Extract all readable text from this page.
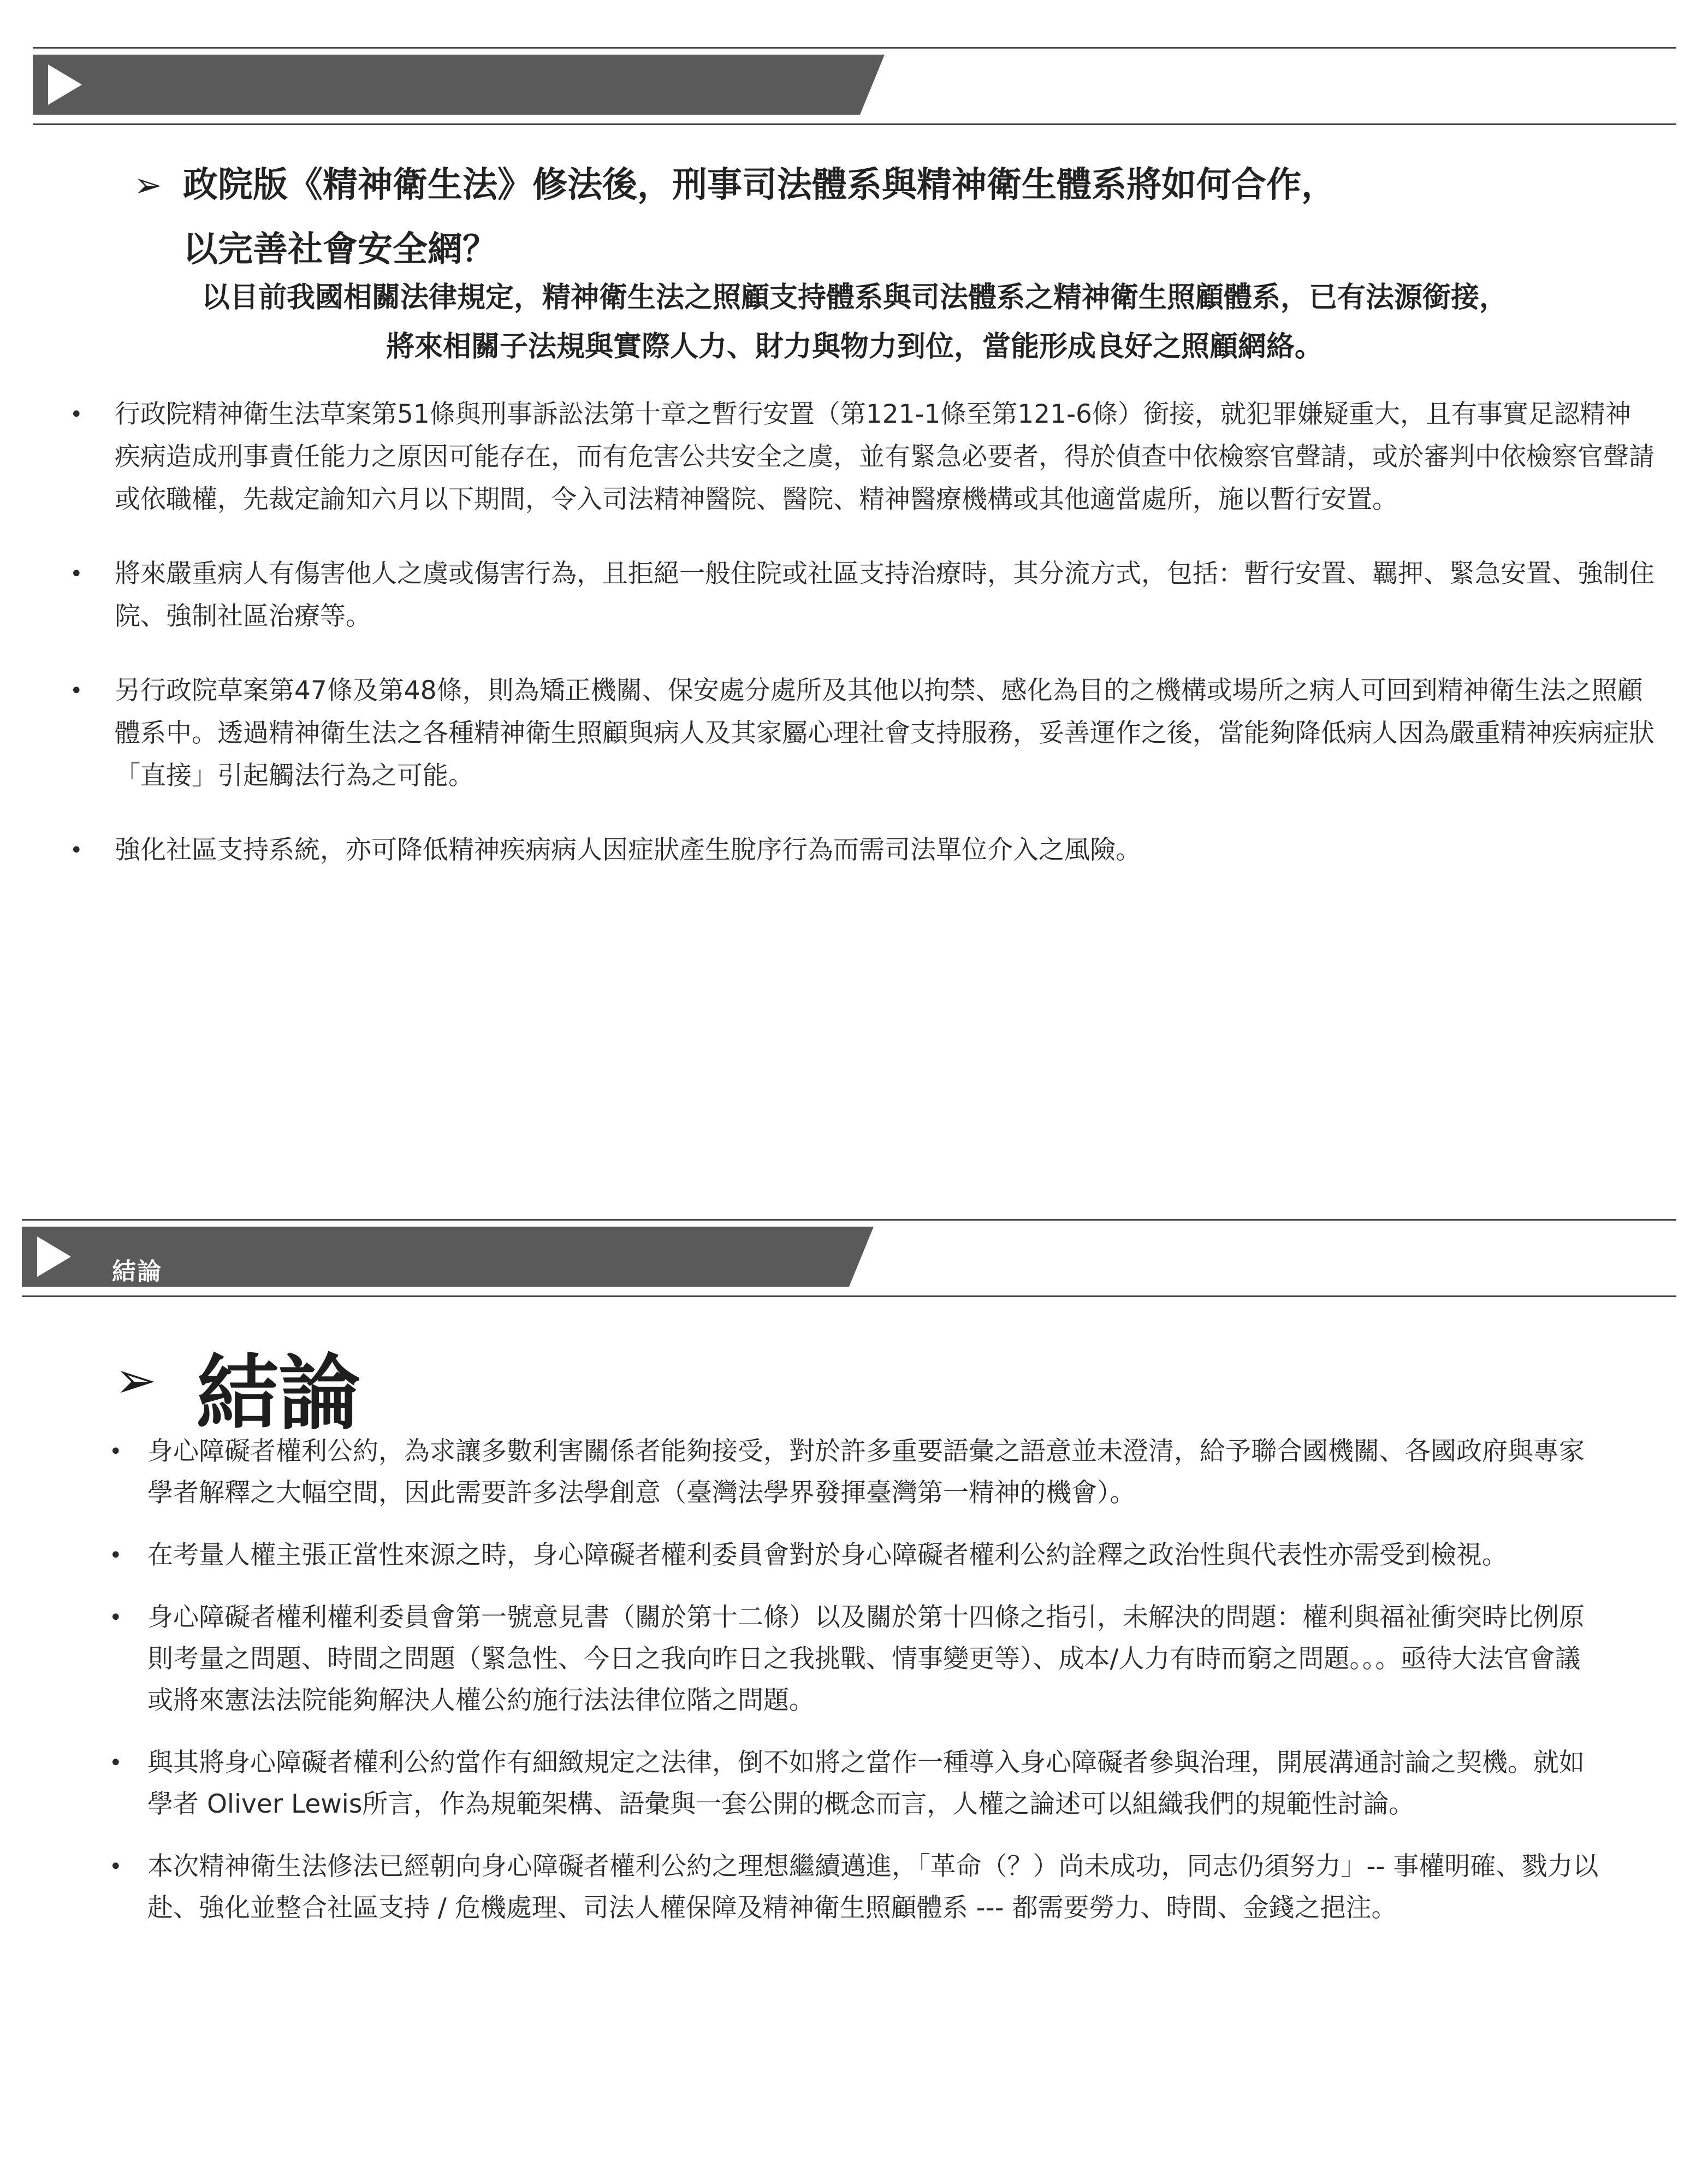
➢ 政院版《精神衛生法》修法後，刑事司法體系與精神衛生體系將如何合作，
以完善社會安全網？
以目前我國相關法律規定，精神衛生法之照顧支持體系與司法體系之精神衛生照顧體系，已有法源銜接，
將來相關子法規與實際人力、財力與物力到位，當能形成良好之照顧網絡。
• 行政院精神衛生法草案第51條與刑事訴訟法第十章之暫行安置（第121-1條至第121-6條）銜接，就犯罪嫌疑重大，且有事實足認精神疾病造成刑事責任能力之原因可能存在，而有危害公共安全之虞，並有緊急必要者，得於偵查中依檢察官聲請，或於審判中依檢察官聲請或依職權，先裁定諭知六月以下期間，令入司法精神醫院、醫院、精神醫療機構或其他適當處所，施以暫行安置。
• 將來嚴重病人有傷害他人之虞或傷害行為，且拒絕一般住院或社區支持治療時，其分流方式，包括：暫行安置、羈押、緊急安置、強制住院、強制社區治療等。
• 另行政院草案第47條及第48條，則為矯正機關、保安處分處所及其他以拘禁、感化為目的之機構或場所之病人可回到精神衛生法之照顧體系中。透過精神衛生法之各種精神衛生照顧與病人及其家屬心理社會支持服務，妥善運作之後，當能夠降低病人因為嚴重精神疾病症狀「直接」引起觸法行為之可能。
• 強化社區支持系統，亦可降低精神疾病病人因症狀產生脫序行為而需司法單位介入之風險。
結論
➢ 結論
• 身心障礙者權利公約，為求讓多數利害關係者能夠接受，對於許多重要語彙之語意並未澄清，給予聯合國機關、各國政府與專家學者解釋之大幅空間，因此需要許多法學創意（臺灣法學界發揮臺灣第一精神的機會）。
• 在考量人權主張正當性來源之時，身心障礙者權利委員會對於身心障礙者權利公約詮釋之政治性與代表性亦需受到檢視。
• 身心障礙者權利權利委員會第一號意見書（關於第十二條）以及關於第十四條之指引，未解決的問題：權利與福祉衝突時比例原則考量之問題、時間之問題（緊急性、今日之我向昨日之我挑戰、情事變更等）、成本/人力有時而窮之問題。。。亟待大法官會議或將來憲法法院能夠解決人權公約施行法法律位階之問題。
• 與其將身心障礙者權利公約當作有細緻規定之法律，倒不如將之當作一種導入身心障礙者參與治理，開展溝通討論之契機。就如學者 Oliver Lewis所言，作為規範架構、語彙與一套公開的概念而言，人權之論述可以組織我們的規範性討論。
• 本次精神衛生法修法已經朝向身心障礙者權利公約之理想繼續邁進，「革命（？）尚未成功，同志仍須努力」-- 事權明確、戮力以赴、強化並整合社區支持 / 危機處理、司法人權保障及精神衛生照顧體系 --- 都需要勞力、時間、金錢之挹注。
